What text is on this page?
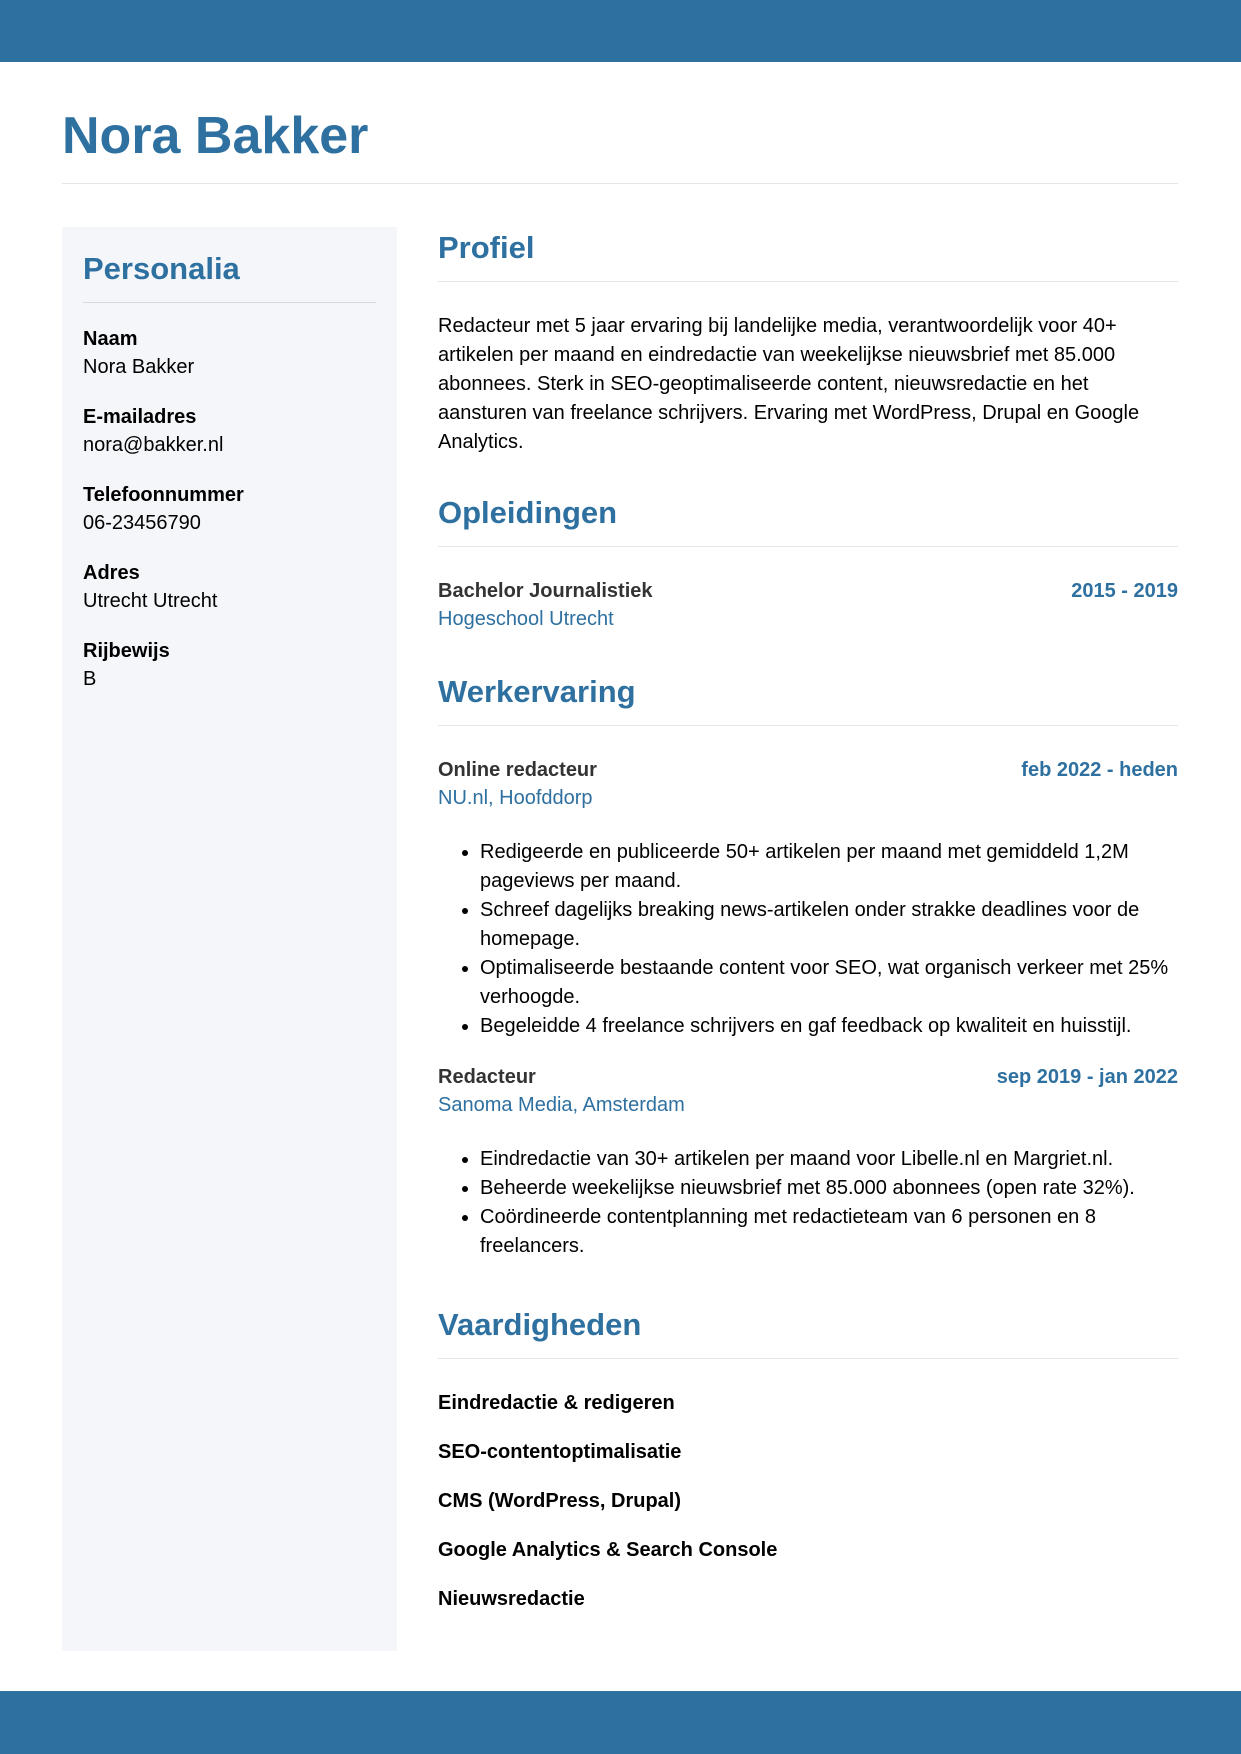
Nora Bakker
Personalia
Naam
Nora Bakker
E-mailadres
nora@bakker.nl
Telefoonnummer
06-23456790
Adres
Utrecht Utrecht
Rijbewijs
B
Profiel

Redacteur met 5 jaar ervaring bij landelijke media, verantwoordelijk voor 40+ artikelen per maand en eindredactie van weekelijkse nieuwsbrief met 85.000 abonnees. Sterk in SEO-geoptimaliseerde content, nieuwsredactie en het aansturen van freelance schrijvers. Ervaring met WordPress, Drupal en Google Analytics.

Opleidingen
Bachelor Journalistiek	2015 - 2019
Hogeschool Utrecht
Werkervaring
Online redacteur	feb 2022 - heden
NU.nl, Hoofddorp
• Redigeerde en publiceerde 50+ artikelen per maand met gemiddeld 1,2M pageviews per maand.
• Schreef dagelijks breaking news-artikelen onder strakke deadlines voor de homepage.
• Optimaliseerde bestaande content voor SEO, wat organisch verkeer met 25% verhoogde.
• Begeleidde 4 freelance schrijvers en gaf feedback op kwaliteit en huisstijl.
Redacteur	sep 2019 - jan 2022
Sanoma Media, Amsterdam
• Eindredactie van 30+ artikelen per maand voor Libelle.nl en Margriet.nl.
• Beheerde weekelijkse nieuwsbrief met 85.000 abonnees (open rate 32%).
• Coördineerde contentplanning met redactieteam van 6 personen en 8 freelancers.
Vaardigheden
Eindredactie & redigeren
SEO-contentoptimalisatie
CMS (WordPress, Drupal)
Google Analytics & Search Console
Nieuwsredactie
